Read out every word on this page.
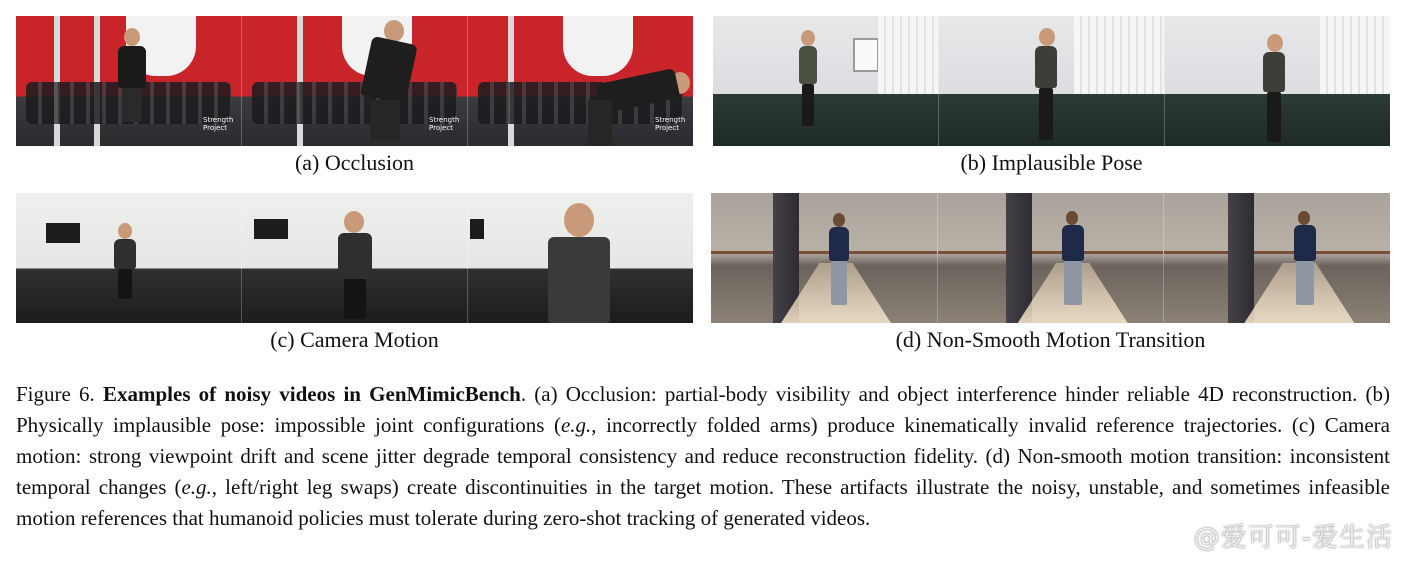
Strength Project
Strength Project
Strength Project
(a) Occlusion	(b) Implausible Pose
(c) Camera Motion	(d) Non-Smooth Motion Transition
Figure 6. Examples of noisy videos in GenMimicBench. (a) Occlusion: partial-body visibility and object interference hinder reliable 4D reconstruction. (b) Physically implausible pose: impossible joint configurations (e.g., incorrectly folded arms) produce kinematically invalid reference trajectories. (c) Camera motion: strong viewpoint drift and scene jitter degrade temporal consistency and reduce reconstruction fidelity. (d) Non-smooth motion transition: inconsistent temporal changes (e.g., left/right leg swaps) create discontinuities in the target motion. These artifacts illustrate the noisy, unstable, and sometimes infeasible motion references that humanoid policies must tolerate during zero-shot tracking of generated videos.
@爱可可-爱生活
